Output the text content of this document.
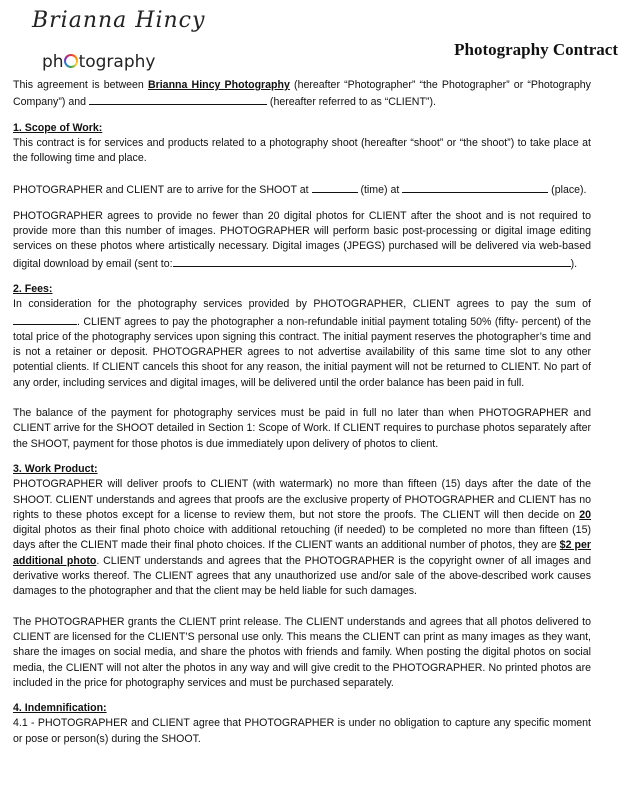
Brianna Hincy
ph tography
Photography Contract

This agreement is between Brianna Hincy Photography (hereafter “Photographer” “the Photographer” or “Photography Company”) and	(hereafter referred to as “CLIENT”).

1. Scope of Work:

This contract is for services and products related to a photography shoot (hereafter “shoot” or “the shoot”) to take place at the following time and place.

PHOTOGRAPHER and CLIENT are to arrive for the SHOOT at	(time) at	(place).

PHOTOGRAPHER agrees to provide no fewer than 20 digital photos for CLIENT after the shoot and is not required to provide more than this number of images. PHOTOGRAPHER will perform basic post-processing or digital image editing services on these photos where artistically necessary. Digital images (JPEGS) purchased will be delivered via web-based digital download by email (sent to:	).

2. Fees:

In consideration for the photography services provided by PHOTOGRAPHER, CLIENT agrees to pay the sum of . CLIENT agrees to pay the photographer a non-refundable initial payment totaling 50% (fifty- percent) of the total price of the photography services upon signing this contract. The initial payment reserves the photographer’s time and is not a retainer or deposit. PHOTOGRAPHER agrees to not advertise availability of this same time slot to any other potential clients. If CLIENT cancels this shoot for any reason, the initial payment will not be returned to CLIENT. No part of any order, including services and digital images, will be delivered until the order balance has been paid in full.

The balance of the payment for photography services must be paid in full no later than when PHOTOGRAPHER and CLIENT arrive for the SHOOT detailed in Section 1: Scope of Work. If CLIENT requires to purchase photos separately after the SHOOT, payment for those photos is due immediately upon delivery of photos to client.

3. Work Product:

PHOTOGRAPHER will deliver proofs to CLIENT (with watermark) no more than fifteen (15) days after the date of the SHOOT. CLIENT understands and agrees that proofs are the exclusive property of PHOTOGRAPHER and CLIENT has no rights to these photos except for a license to review them, but not store the proofs. The CLIENT will then decide on 20 digital photos as their final photo choice with additional retouching (if needed) to be completed no more than fifteen (15) days after the CLIENT made their final photo choices. If the CLIENT wants an additional number of photos, they are $2 per additional photo. CLIENT understands and agrees that the PHOTOGRAPHER is the copyright owner of all images and derivative works thereof. The CLIENT agrees that any unauthorized use and/or sale of the above-described work causes damages to the photographer and that the client may be held liable for such damages.

The PHOTOGRAPHER grants the CLIENT print release. The CLIENT understands and agrees that all photos delivered to CLIENT are licensed for the CLIENT’S personal use only. This means the CLIENT can print as many images as they want, share the images on social media, and share the photos with friends and family. When posting the digital photos on social media, the CLIENT will not alter the photos in any way and will give credit to the PHOTOGRAPHER. No printed photos are included in the price for photography services and must be purchased separately.

4. Indemnification:

4.1 - PHOTOGRAPHER and CLIENT agree that PHOTOGRAPHER is under no obligation to capture any specific moment or pose or person(s) during the SHOOT.
